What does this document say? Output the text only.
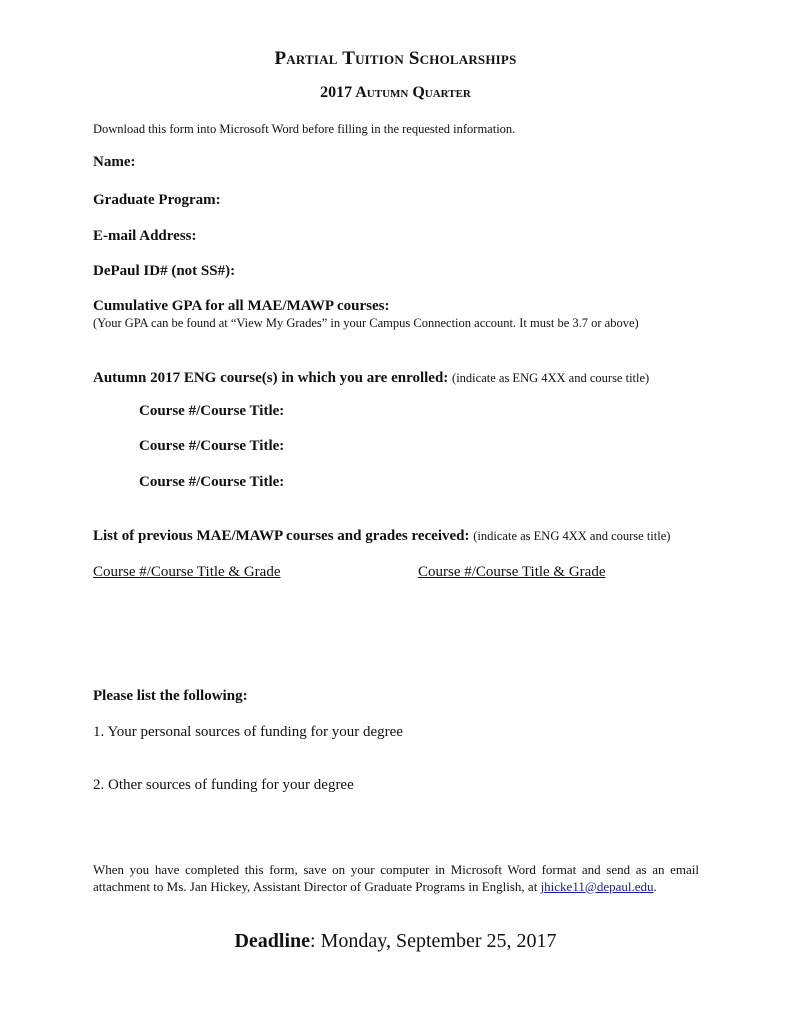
Partial Tuition Scholarships
2017 Autumn Quarter
Download this form into Microsoft Word before filling in the requested information.
Name:
Graduate Program:
E-mail Address:
DePaul ID# (not SS#):
Cumulative GPA for all MAE/MAWP courses:
(Your GPA can be found at “View My Grades” in your Campus Connection account. It must be 3.7 or above)
Autumn 2017 ENG course(s) in which you are enrolled: (indicate as ENG 4XX and course title)
Course #/Course Title:
Course #/Course Title:
Course #/Course Title:
List of previous MAE/MAWP courses and grades received: (indicate as ENG 4XX and course title)
Course #/Course Title & Grade	Course #/Course Title & Grade
Please list the following:
1. Your personal sources of funding for your degree
2. Other sources of funding for your degree
When you have completed this form, save on your computer in Microsoft Word format and send as an email attachment to Ms. Jan Hickey, Assistant Director of Graduate Programs in English, at jhicke11@depaul.edu.
Deadline: Monday, September 25, 2017
